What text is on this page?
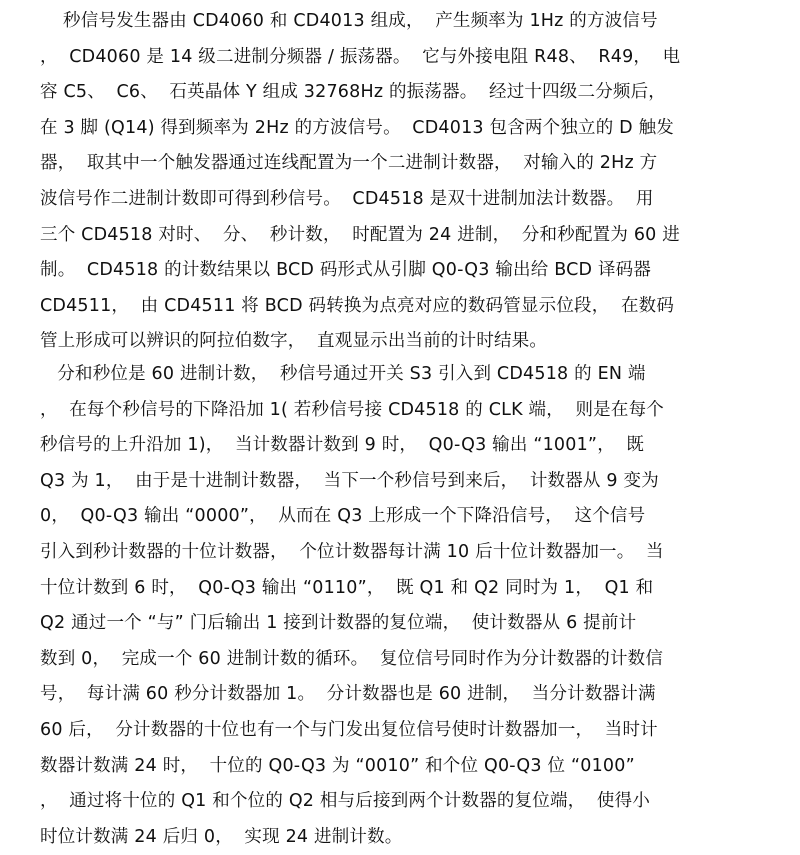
秒信号发生器由 CD4060 和 CD4013 组成，  产生频率为 1Hz 的方波信号
，  CD4060 是 14 级二进制分频器 / 振荡器。  它与外接电阻 R48、  R49，  电
容 C5、  C6、  石英晶体 Y 组成 32768Hz 的振荡器。  经过十四级二分频后，
在 3 脚 (Q14) 得到频率为 2Hz 的方波信号。  CD4013 包含两个独立的 D 触发
器，  取其中一个触发器通过连线配置为一个二进制计数器，  对输入的 2Hz 方
波信号作二进制计数即可得到秒信号。  CD4518 是双十进制加法计数器。  用
三个 CD4518 对时、  分、  秒计数，  时配置为 24 进制，  分和秒配置为 60 进
制。  CD4518 的计数结果以 BCD 码形式从引脚 Q0-Q3 输出给 BCD 译码器
CD4511，  由 CD4511 将 BCD 码转换为点亮对应的数码管显示位段，  在数码
管上形成可以辨识的阿拉伯数字，  直观显示出当前的计时结果。
分和秒位是 60 进制计数，  秒信号通过开关 S3 引入到 CD4518 的 EN 端
，  在每个秒信号的下降沿加 1( 若秒信号接 CD4518 的 CLK 端，  则是在每个
秒信号的上升沿加 1)，  当计数器计数到 9 时，  Q0-Q3 输出 “1001”，  既
Q3 为 1，  由于是十进制计数器，  当下一个秒信号到来后，  计数器从 9 变为
0，  Q0-Q3 输出 “0000”，  从而在 Q3 上形成一个下降沿信号，  这个信号
引入到秒计数器的十位计数器，  个位计数器每计满 10 后十位计数器加一。  当
十位计数到 6 时，  Q0-Q3 输出 “0110”，  既 Q1 和 Q2 同时为 1，  Q1 和
Q2 通过一个 “与” 门后输出 1 接到计数器的复位端，  使计数器从 6 提前计
数到 0，  完成一个 60 进制计数的循环。  复位信号同时作为分计数器的计数信
号，  每计满 60 秒分计数器加 1。  分计数器也是 60 进制，  当分计数器计满
60 后，  分计数器的十位也有一个与门发出复位信号使时计数器加一，  当时计
数器计数满 24 时，  十位的 Q0-Q3 为 “0010” 和个位 Q0-Q3 位 “0100”
，  通过将十位的 Q1 和个位的 Q2 相与后接到两个计数器的复位端，  使得小
时位计数满 24 后归 0，  实现 24 进制计数。
